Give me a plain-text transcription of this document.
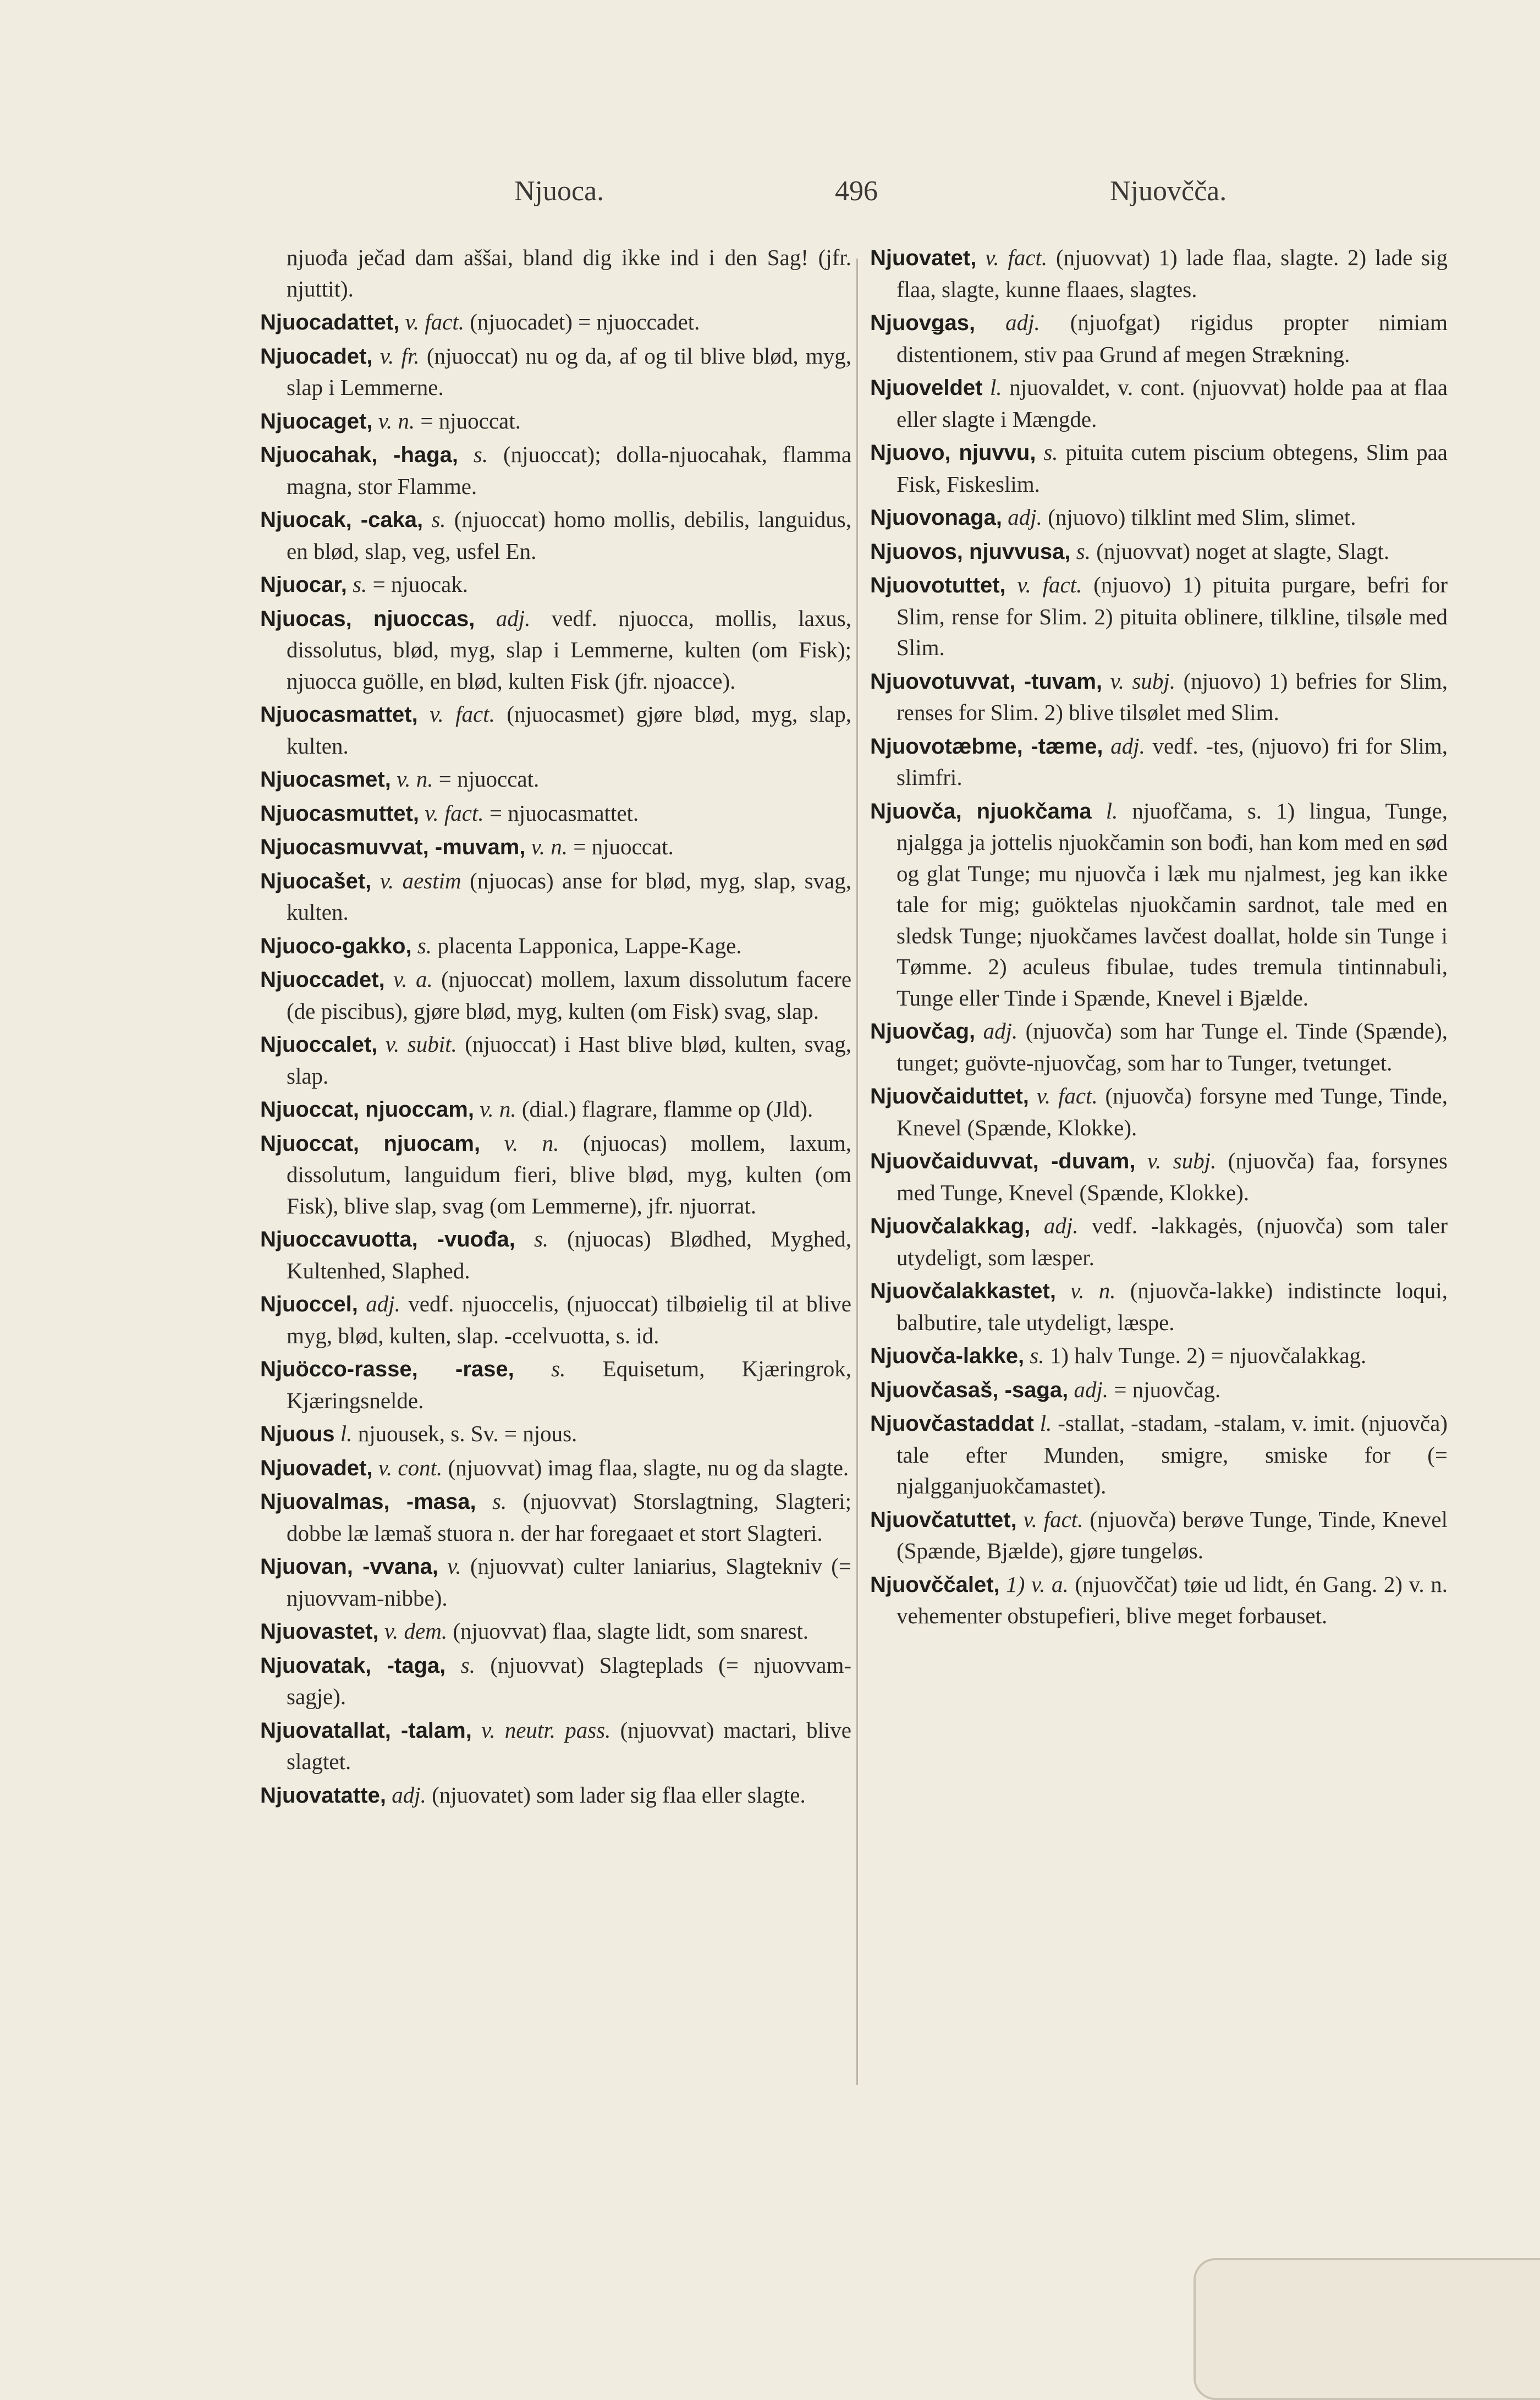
Njuoca.	496	Njuovčča.

njuođa ječad dam aššai, bland dig ikke ind i den Sag! (jfr. njuttit).

Njuocadattet, v. fact. (njuocadet) = njuoccadet.

Njuocadet, v. fr. (njuoccat) nu og da, af og til blive blød, myg, slap i Lemmerne.

Njuocaget, v. n. = njuoccat.

Njuocahak, -haga, s. (njuoccat); dolla-njuocahak, flamma magna, stor Flamme.

Njuocak, -caka, s. (njuoccat) homo mollis, debilis, languidus, en blød, slap, veg, usfel En.

Njuocar, s. = njuocak.

Njuocas, njuoccas, adj. vedf. njuocca, mollis, laxus, dissolutus, blød, myg, slap i Lemmerne, kulten (om Fisk); njuocca guölle, en blød, kulten Fisk (jfr. njoacce).

Njuocasmattet, v. fact. (njuocasmet) gjøre blød, myg, slap, kulten.

Njuocasmet, v. n. = njuoccat.

Njuocasmuttet, v. fact. = njuocasmattet.

Njuocasmuvvat, -muvam, v. n. = njuoccat.

Njuocašet, v. aestim (njuocas) anse for blød, myg, slap, svag, kulten.

Njuoco-gakko, s. placenta Lapponica, Lappe-Kage.

Njuoccadet, v. a. (njuoccat) mollem, laxum dissolutum facere (de piscibus), gjøre blød, myg, kulten (om Fisk) svag, slap.

Njuoccalet, v. subit. (njuoccat) i Hast blive blød, kulten, svag, slap.

Njuoccat, njuoccam, v. n. (dial.) flagrare, flamme op (Jld).

Njuoccat, njuocam, v. n. (njuocas) mollem, laxum, dissolutum, languidum fieri, blive blød, myg, kulten (om Fisk), blive slap, svag (om Lemmerne), jfr. njuorrat.

Njuoccavuotta, -vuođa, s. (njuocas) Blødhed, Myghed, Kultenhed, Slaphed.

Njuoccel, adj. vedf. njuoccelis, (njuoccat) tilbøielig til at blive myg, blød, kulten, slap. -ccelvuotta, s. id.

Njuöcco-rasse, -rase, s. Equisetum, Kjæringrok, Kjæringsnelde.

Njuous l. njuousek, s. Sv. = njous.

Njuovadet, v. cont. (njuovvat) imag flaa, slagte, nu og da slagte.

Njuovalmas, -masa, s. (njuovvat) Storslagtning, Slagteri; dobbe læ læmaš stuora n. der har foregaaet et stort Slagteri.

Njuovan, -vvana, v. (njuovvat) culter laniarius, Slagtekniv (= njuovvam-nibbe).

Njuovastet, v. dem. (njuovvat) flaa, slagte lidt, som snarest.

Njuovatak, -taga, s. (njuovvat) Slagteplads (= njuovvam-sagje).

Njuovatallat, -talam, v. neutr. pass. (njuovvat) mactari, blive slagtet.

Njuovatatte, adj. (njuovatet) som lader sig flaa eller slagte.

Njuovatet, v. fact. (njuovvat) 1) lade flaa, slagte. 2) lade sig flaa, slagte, kunne flaaes, slagtes.

Njuovǥas, adj. (njuofǥat) rigidus propter nimiam distentionem, stiv paa Grund af megen Strækning.

Njuoveldet l. njuovaldet, v. cont. (njuovvat) holde paa at flaa eller slagte i Mængde.

Njuovo, njuvvu, s. pituita cutem piscium obtegens, Slim paa Fisk, Fiskeslim.

Njuovonaga, adj. (njuovo) tilklint med Slim, slimet.

Njuovos, njuvvusa, s. (njuovvat) noget at slagte, Slagt.

Njuovotuttet, v. fact. (njuovo) 1) pituita purgare, befri for Slim, rense for Slim. 2) pituita oblinere, tilkline, tilsøle med Slim.

Njuovotuvvat, -tuvam, v. subj. (njuovo) 1) befries for Slim, renses for Slim. 2) blive tilsølet med Slim.

Njuovotæbme, -tæme, adj. vedf. -tes, (njuovo) fri for Slim, slimfri.

Njuovča, njuokčama l. njuofčama, s. 1) lingua, Tunge, njalgga ja jottelis njuokčamin son bođi, han kom med en sød og glat Tunge; mu njuovča i læk mu njalmest, jeg kan ikke tale for mig; guöktelas njuokčamin sardnot, tale med en sledsk Tunge; njuokčames lavčest doallat, holde sin Tunge i Tømme. 2) aculeus fibulae, tudes tremula tintinnabuli, Tunge eller Tinde i Spænde, Knevel i Bjælde.

Njuovčag, adj. (njuovča) som har Tunge el. Tinde (Spænde), tunget; guövte-njuovčag, som har to Tunger, tvetunget.

Njuovčaiduttet, v. fact. (njuovča) forsyne med Tunge, Tinde, Knevel (Spænde, Klokke).

Njuovčaiduvvat, -duvam, v. subj. (njuovča) faa, forsynes med Tunge, Knevel (Spænde, Klokke).

Njuovčalakkag, adj. vedf. -lakkagės, (njuovča) som taler utydeligt, som læsper.

Njuovčalakkastet, v. n. (njuovča-lakke) indistincte loqui, balbutire, tale utydeligt, læspe.

Njuovča-lakke, s. 1) halv Tunge. 2) = njuovčalakkag.

Njuovčasaš, -saǥa, adj. = njuovčag.

Njuovčastaddat l. -stallat, -stadam, -stalam, v. imit. (njuovča) tale efter Munden, smigre, smiske for (= njalgganjuokčamastet).

Njuovčatuttet, v. fact. (njuovča) berøve Tunge, Tinde, Knevel (Spænde, Bjælde), gjøre tungeløs.

Njuovččalet, 1) v. a. (njuovččat) tøie ud lidt, én Gang. 2) v. n. vehementer obstupefieri, blive meget forbauset.
